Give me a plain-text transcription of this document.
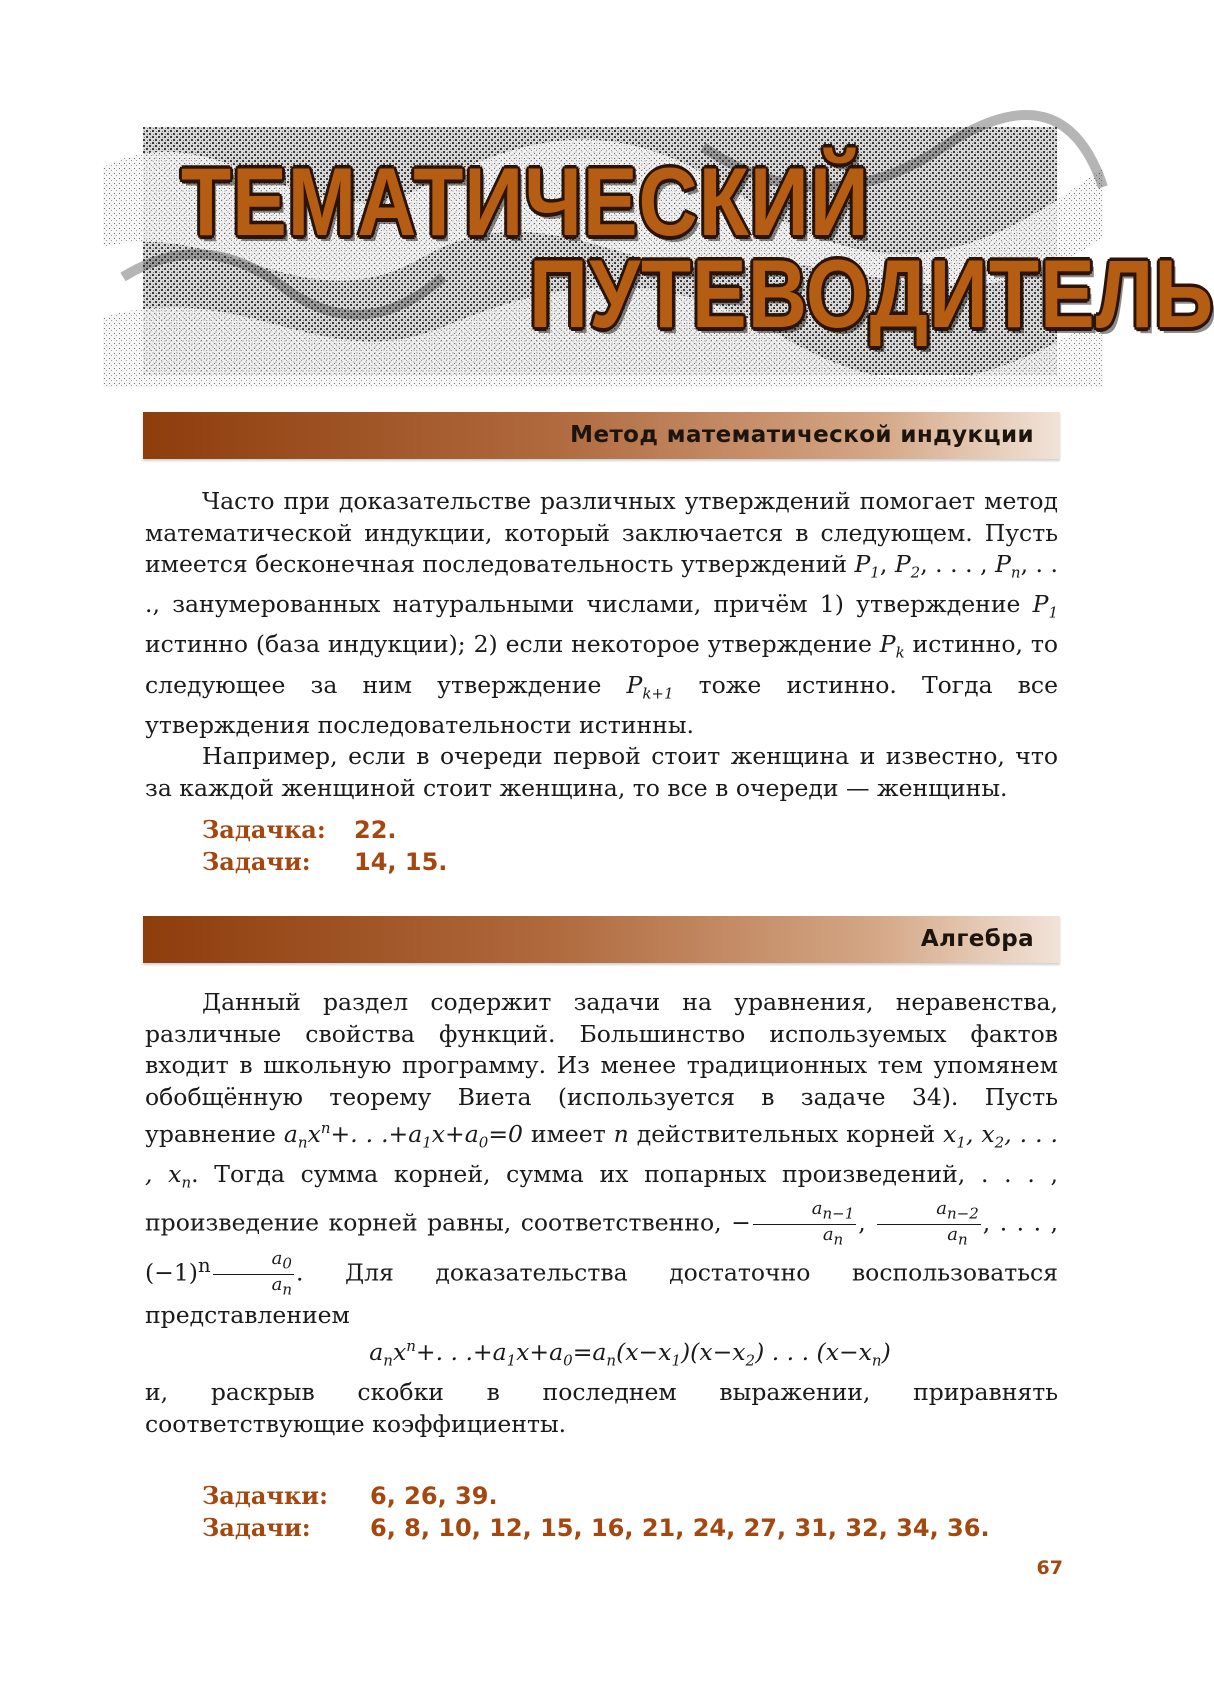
ТЕМАТИЧЕСКИЙ
ПУТЕВОДИТЕЛЬ
Метод математической индукции

Часто при доказательстве различных утверждений помогает метод математической индукции, который заключается в следующем. Пусть имеется бесконечная последовательность утверждений $P_1$, $P_2$, . . . , $P_n$, . . ., занумерованных натуральными числами, причём 1) утверждение $P_1$ истинно (база индукции); 2) если некоторое утверждение $P_k$ истинно, то следующее за ним утверждение $P_{k+1}$ тоже истинно. Тогда все утверждения последовательности истинны.

Например, если в очереди первой стоит женщина и известно, что за каждой женщиной стоит женщина, то все в очереди — женщины.

Задачка: 22.
Задачи: 14, 15.
Алгебра

Данный раздел содержит задачи на уравнения, неравенства, различные свойства функций. Большинство используемых фактов входит в школьную программу. Из менее традиционных тем упомянем обобщённую теорему Виета (используется в задаче 34). Пусть уравнение $a_nx^n+$. . $.+a_1x+a_0=0$ имеет n действительных корней $x_1$, $x_2$, . . . , $x_n$. Тогда сумма корней, сумма их попарных произведений, . . . , произведение корней равны, соответственно, − $\frac{a_{n-1}}{a_n}$ , $\frac{a_{n-2}}{a_n}$ , . . . , $(-1)^n \frac{a_0}{a_n}$ . Для доказательства достаточно воспользоваться представлением

$a_nx^n+$. . $.+a_1x+a_0=a_n(x-x_1)(x-x_2)$ . . . $(x-x_n)$

и, раскрыв скобки в последнем выражении, приравнять соответствующие коэффициенты.

Задачки: 6, 26, 39.
Задачи: 6, 8, 10, 12, 15, 16, 21, 24, 27, 31, 32, 34, 36.
67
